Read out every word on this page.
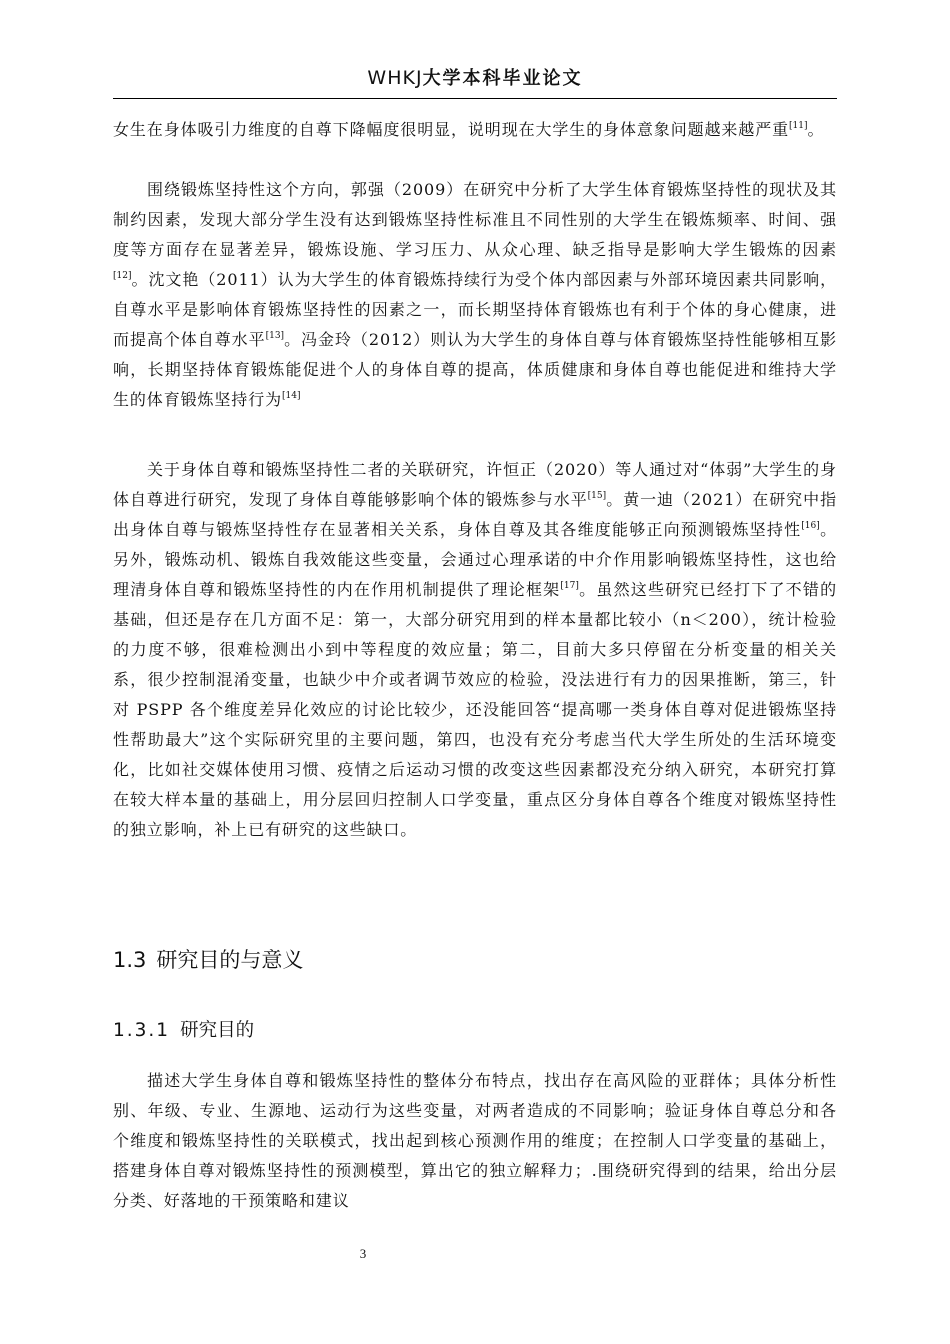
WHKJ大学本科毕业论文

女生在身体吸引力维度的自尊下降幅度很明显，说明现在大学生的身体意象问题越来越严重[11]。

围绕锻炼坚持性这个方向，郭强（2009）在研究中分析了大学生体育锻炼坚持性的现状及其制约因素，发现大部分学生没有达到锻炼坚持性标准且不同性别的大学生在锻炼频率、时间、强度等方面存在显著差异，锻炼设施、学习压力、从众心理、缺乏指导是影响大学生锻炼的因素[12]。沈文艳（2011）认为大学生的体育锻炼持续行为受个体内部因素与外部环境因素共同影响，自尊水平是影响体育锻炼坚持性的因素之一，而长期坚持体育锻炼也有利于个体的身心健康，进而提高个体自尊水平[13]。冯金玲（2012）则认为大学生的身体自尊与体育锻炼坚持性能够相互影响，长期坚持体育锻炼能促进个人的身体自尊的提高，体质健康和身体自尊也能促进和维持大学生的体育锻炼坚持行为[14]

关于身体自尊和锻炼坚持性二者的关联研究，许恒正（2020）等人通过对“体弱”大学生的身体自尊进行研究，发现了身体自尊能够影响个体的锻炼参与水平[15]。黄一迪（2021）在研究中指出身体自尊与锻炼坚持性存在显著相关关系，身体自尊及其各维度能够正向预测锻炼坚持性[16]。另外，锻炼动机、锻炼自我效能这些变量，会通过心理承诺的中介作用影响锻炼坚持性，这也给理清身体自尊和锻炼坚持性的内在作用机制提供了理论框架[17]。虽然这些研究已经打下了不错的基础，但还是存在几方面不足：第一，大部分研究用到的样本量都比较小（n＜200），统计检验的力度不够，很难检测出小到中等程度的效应量；第二，目前大多只停留在分析变量的相关关系，很少控制混淆变量，也缺少中介或者调节效应的检验，没法进行有力的因果推断，第三，针对 PSPP 各个维度差异化效应的讨论比较少，还没能回答“提高哪一类身体自尊对促进锻炼坚持性帮助最大”这个实际研究里的主要问题，第四，也没有充分考虑当代大学生所处的生活环境变化，比如社交媒体使用习惯、疫情之后运动习惯的改变这些因素都没充分纳入研究，本研究打算在较大样本量的基础上，用分层回归控制人口学变量，重点区分身体自尊各个维度对锻炼坚持性的独立影响，补上已有研究的这些缺口。

1.3 研究目的与意义
1.3.1 研究目的

描述大学生身体自尊和锻炼坚持性的整体分布特点，找出存在高风险的亚群体；具体分析性别、年级、专业、生源地、运动行为这些变量，对两者造成的不同影响；验证身体自尊总分和各个维度和锻炼坚持性的关联模式，找出起到核心预测作用的维度；在控制人口学变量的基础上，搭建身体自尊对锻炼坚持性的预测模型，算出它的独立解释力；.围绕研究得到的结果，给出分层分类、好落地的干预策略和建议

3
